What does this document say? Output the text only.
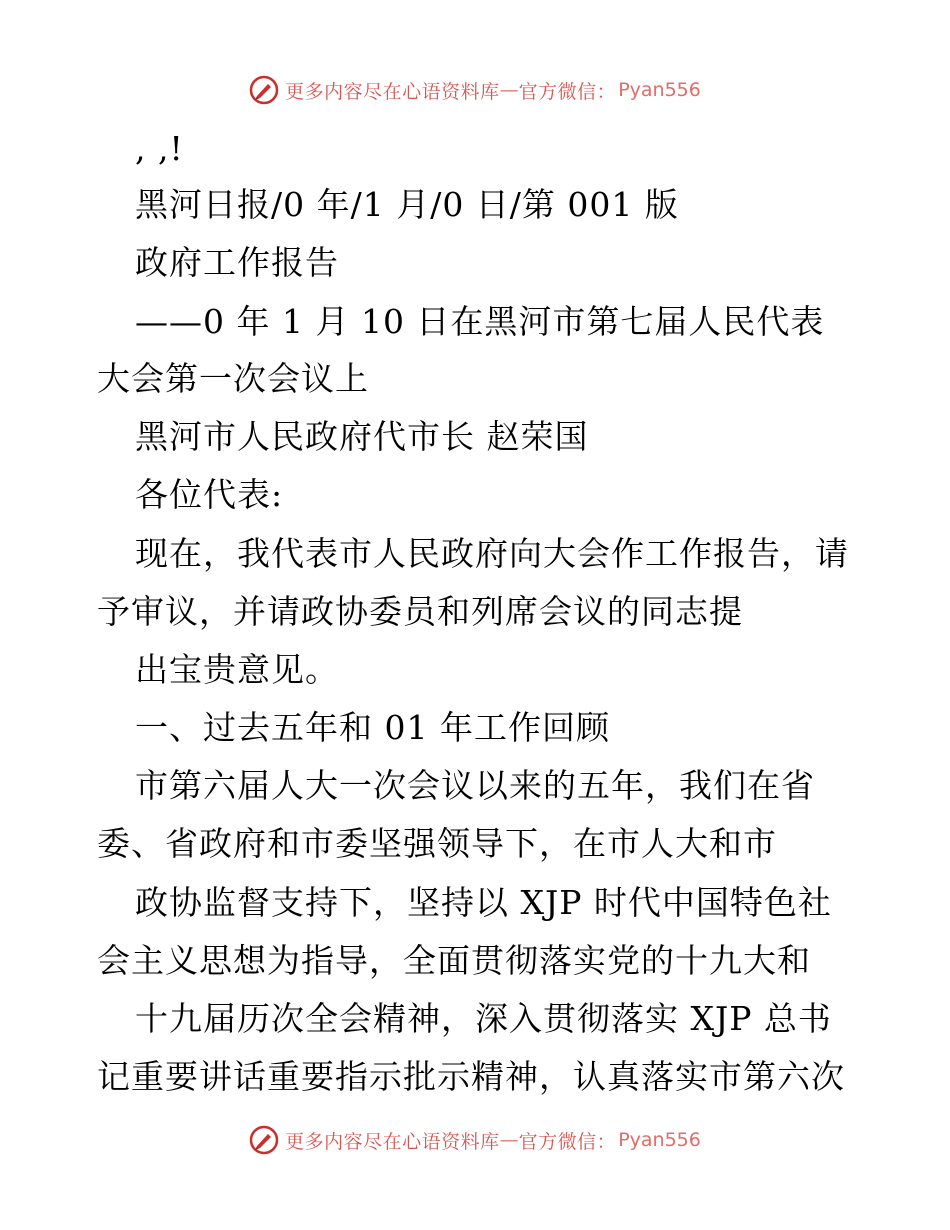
更多内容尽在心语资料库 — 官方微信： Pyan556
, ,!
黑河日报/0 年/1 月/0 日/第 001 版
政府工作报告
——0 年 1 月 10 日在黑河市第七届人民代表
大会第一次会议上
黑河市人民政府代市长 赵荣国
各位代表:
现在，我代表市人民政府向大会作工作报告，请
予审议，并请政协委员和列席会议的同志提
出宝贵意见。
一、过去五年和 01 年工作回顾
市第六届人大一次会议以来的五年，我们在省
委、省政府和市委坚强领导下，在市人大和市
政协监督支持下，坚持以 XJP 时代中国特色社
会主义思想为指导，全面贯彻落实党的十九大和
十九届历次全会精神，深入贯彻落实 XJP 总书
记重要讲话重要指示批示精神，认真落实市第六次
更多内容尽在心语资料库 — 官方微信： Pyan556
